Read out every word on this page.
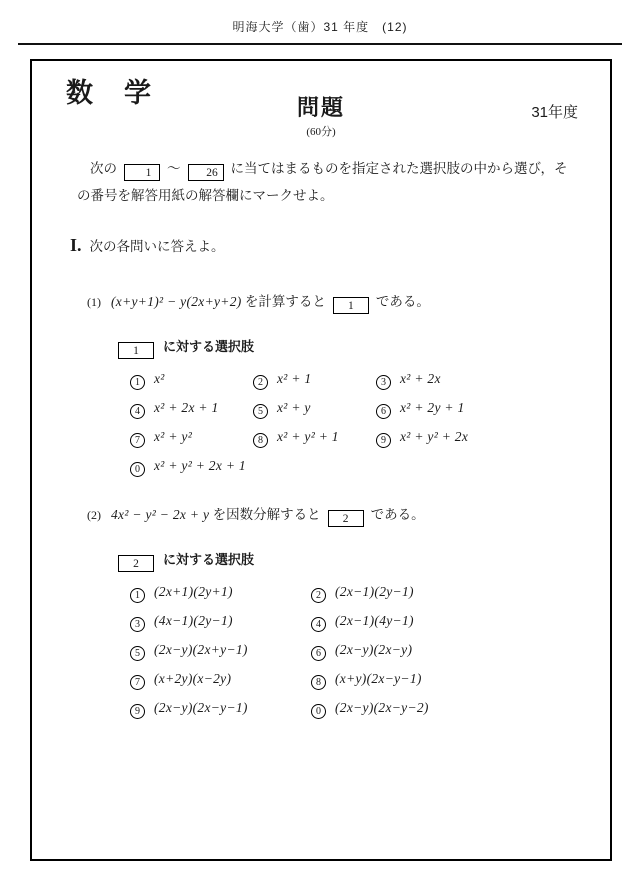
明海大学（歯）31 年度　(12)
数　学	問題
(60分)
31年度
次の 1 ～ 26 に当てはまるものを指定された選択肢の中から選び，そ
の番号を解答用紙の解答欄にマークせよ。
I. 次の各問いに答えよ。
(1) (x+y+1)² − y(2x+y+2) を計算すると 1 である。
1 に対する選択肢
1 x²	2 x² + 1	3 x² + 2x
4 x² + 2x + 1	5 x² + y	6 x² + 2y + 1
7 x² + y²	8 x² + y² + 1	9 x² + y² + 2x
0 x² + y² + 2x + 1
(2) 4x² − y² − 2x + y を因数分解すると 2 である。
2 に対する選択肢
1 (2x+1)(2y+1)	2 (2x−1)(2y−1)
3 (4x−1)(2y−1)	4 (2x−1)(4y−1)
5 (2x−y)(2x+y−1)	6 (2x−y)(2x−y)
7 (x+2y)(x−2y)	8 (x+y)(2x−y−1)
9 (2x−y)(2x−y−1)	0 (2x−y)(2x−y−2)
